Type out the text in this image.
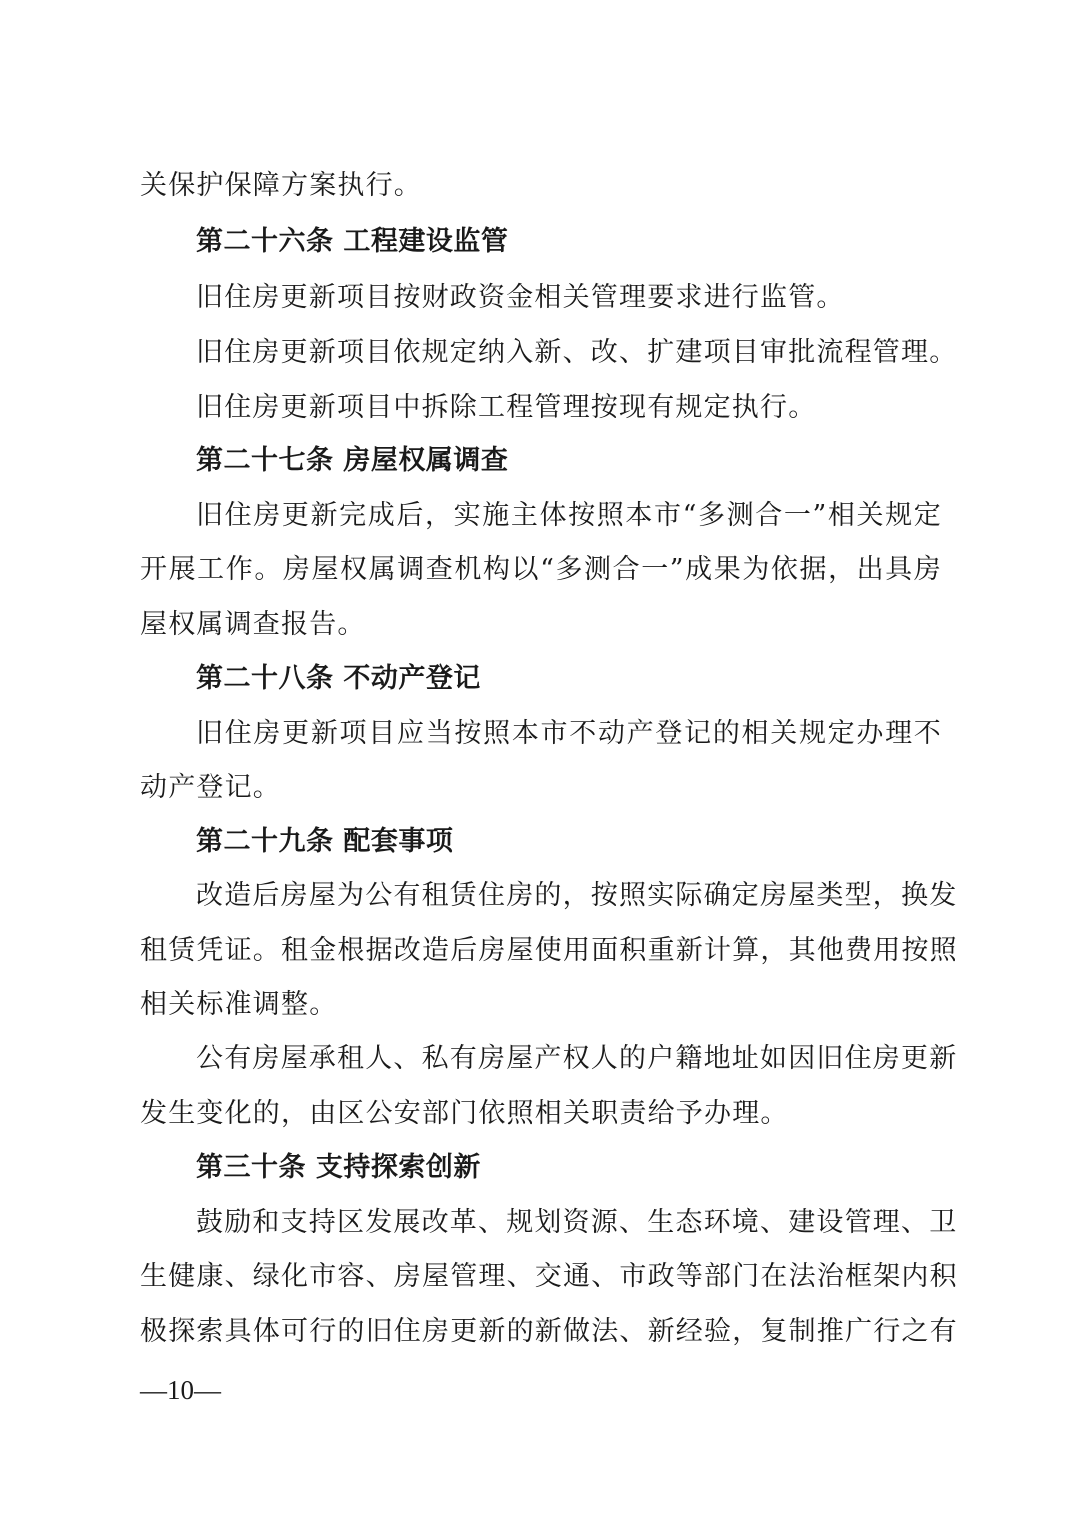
关保护保障方案执行。
第二十六条 工程建设监管
旧住房更新项目按财政资金相关管理要求进行监管。
旧住房更新项目依规定纳入新、改、扩建项目审批流程管理。
旧住房更新项目中拆除工程管理按现有规定执行。
第二十七条 房屋权属调查
旧住房更新完成后，实施主体按照本市“多测合一”相关规定
开展工作。房屋权属调查机构以“多测合一”成果为依据，出具房
屋权属调查报告。
第二十八条 不动产登记
旧住房更新项目应当按照本市不动产登记的相关规定办理不
动产登记。
第二十九条 配套事项
改造后房屋为公有租赁住房的，按照实际确定房屋类型，换发
租赁凭证。租金根据改造后房屋使用面积重新计算，其他费用按照
相关标准调整。
公有房屋承租人、私有房屋产权人的户籍地址如因旧住房更新
发生变化的，由区公安部门依照相关职责给予办理。
第三十条 支持探索创新
鼓励和支持区发展改革、规划资源、生态环境、建设管理、卫
生健康、绿化市容、房屋管理、交通、市政等部门在法治框架内积
极探索具体可行的旧住房更新的新做法、新经验，复制推广行之有
—10—
